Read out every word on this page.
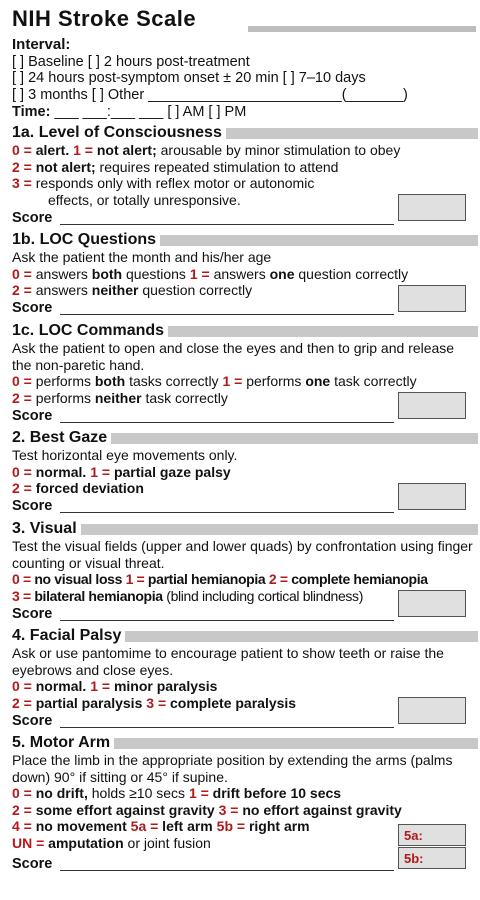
NIH Stroke Scale
Interval:
[ ] Baseline [ ] 2 hours post-treatment
[ ] 24 hours post-symptom onset ± 20 min [ ] 7–10 days
[ ] 3 months [ ] Other ________________________(_______)
Time: ___ ___:___ ___ [ ] AM [ ] PM
1a. Level of Consciousness
0 = alert. 1 = not alert; arousable by minor stimulation to obey
2 = not alert; requires repeated stimulation to attend
3 = responds only with reflex motor or autonomic
effects, or totally unresponsive.
Score
1b. LOC Questions
Ask the patient the month and his/her age
0 = answers both questions 1 = answers one question correctly
2 = answers neither question correctly
Score
1c. LOC Commands
Ask the patient to open and close the eyes and then to grip and release the non-paretic hand.
0 = performs both tasks correctly 1 = performs one task correctly
2 = performs neither task correctly
Score
2. Best Gaze
Test horizontal eye movements only.
0 = normal. 1 = partial gaze palsy
2 = forced deviation
Score
3. Visual
Test the visual fields (upper and lower quads) by confrontation using finger counting or visual threat.
0 = no visual loss 1 = partial hemianopia 2 = complete hemianopia
3 = bilateral hemianopia (blind including cortical blindness)
Score
4. Facial Palsy
Ask or use pantomime to encourage patient to show teeth or raise the eyebrows and close eyes.
0 = normal. 1 = minor paralysis
2 = partial paralysis 3 = complete paralysis
Score
5. Motor Arm
Place the limb in the appropriate position by extending the arms (palms down) 90° if sitting or 45° if supine.
0 = no drift, holds ≥10 secs 1 = drift before 10 secs
2 = some effort against gravity 3 = no effort against gravity
4 = no movement 5a = left arm 5b = right arm
UN = amputation or joint fusion
Score
5a:
5b:
